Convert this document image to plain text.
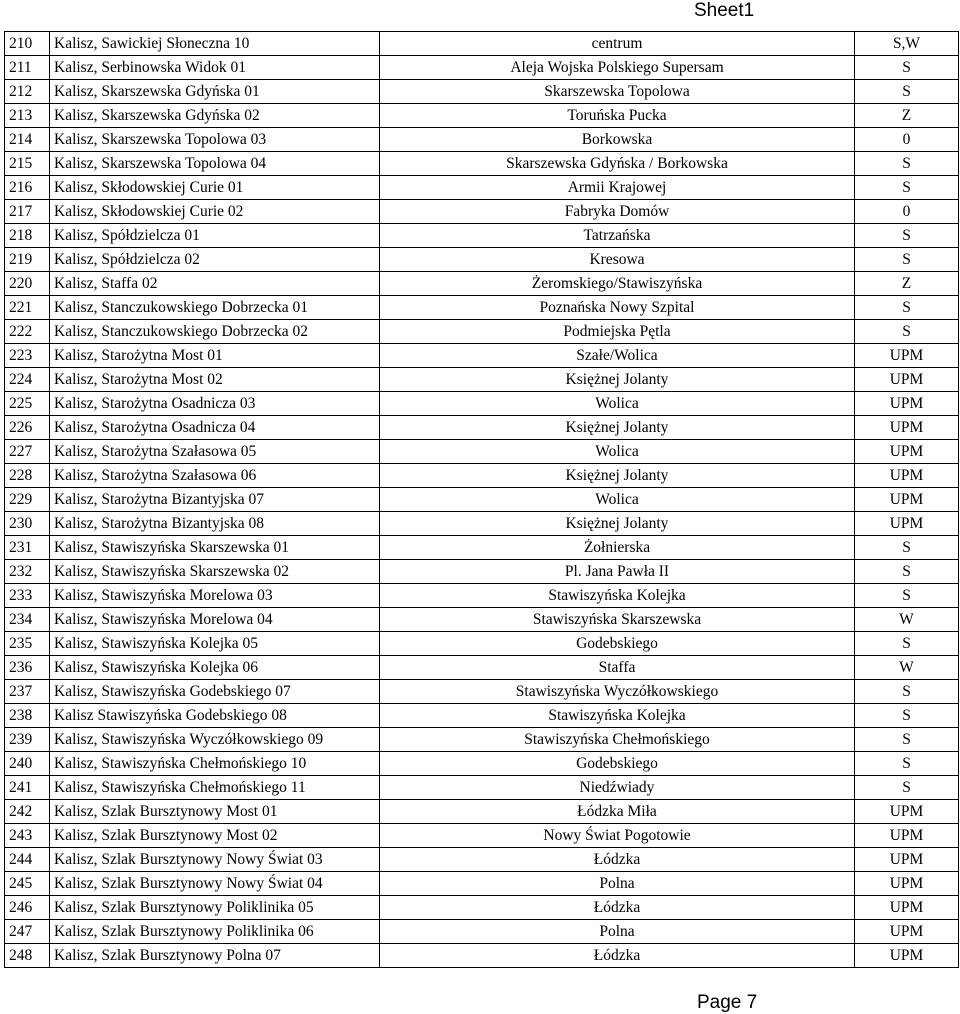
Sheet1
210	Kalisz, Sawickiej Słoneczna 10	centrum	S,W
211	Kalisz, Serbinowska Widok 01	Aleja Wojska Polskiego Supersam	S
212	Kalisz, Skarszewska Gdyńska 01	Skarszewska Topolowa	S
213	Kalisz, Skarszewska Gdyńska 02	Toruńska Pucka	Z
214	Kalisz, Skarszewska Topolowa 03	Borkowska	0
215	Kalisz, Skarszewska Topolowa 04	Skarszewska Gdyńska / Borkowska	S
216	Kalisz, Skłodowskiej Curie 01	Armii Krajowej	S
217	Kalisz, Skłodowskiej Curie 02	Fabryka Domów	0
218	Kalisz, Spółdzielcza 01	Tatrzańska	S
219	Kalisz, Spółdzielcza 02	Kresowa	S
220	Kalisz, Staffa 02	Żeromskiego/Stawiszyńska	Z
221	Kalisz, Stanczukowskiego Dobrzecka 01	Poznańska Nowy Szpital	S
222	Kalisz, Stanczukowskiego Dobrzecka 02	Podmiejska Pętla	S
223	Kalisz, Starożytna Most 01	Szałe/Wolica	UPM
224	Kalisz, Starożytna Most 02	Księżnej Jolanty	UPM
225	Kalisz, Starożytna Osadnicza 03	Wolica	UPM
226	Kalisz, Starożytna Osadnicza 04	Księżnej Jolanty	UPM
227	Kalisz, Starożytna Szałasowa 05	Wolica	UPM
228	Kalisz, Starożytna Szałasowa 06	Księżnej Jolanty	UPM
229	Kalisz, Starożytna Bizantyjska 07	Wolica	UPM
230	Kalisz, Starożytna Bizantyjska 08	Księżnej Jolanty	UPM
231	Kalisz, Stawiszyńska Skarszewska 01	Żołnierska	S
232	Kalisz, Stawiszyńska Skarszewska 02	Pl. Jana Pawła II	S
233	Kalisz, Stawiszyńska Morelowa 03	Stawiszyńska Kolejka	S
234	Kalisz, Stawiszyńska Morelowa 04	Stawiszyńska Skarszewska	W
235	Kalisz, Stawiszyńska Kolejka 05	Godebskiego	S
236	Kalisz, Stawiszyńska Kolejka 06	Staffa	W
237	Kalisz, Stawiszyńska Godebskiego 07	Stawiszyńska Wyczółkowskiego	S
238	Kalisz Stawiszyńska Godebskiego 08	Stawiszyńska Kolejka	S
239	Kalisz, Stawiszyńska Wyczółkowskiego 09	Stawiszyńska Chełmońskiego	S
240	Kalisz, Stawiszyńska Chełmońskiego 10	Godebskiego	S
241	Kalisz, Stawiszyńska Chełmońskiego 11	Niedźwiady	S
242	Kalisz, Szlak Bursztynowy Most 01	Łódzka Miła	UPM
243	Kalisz, Szlak Bursztynowy Most 02	Nowy Świat Pogotowie	UPM
244	Kalisz, Szlak Bursztynowy Nowy Świat 03	Łódzka	UPM
245	Kalisz, Szlak Bursztynowy Nowy Świat 04	Polna	UPM
246	Kalisz, Szlak Bursztynowy Poliklinika 05	Łódzka	UPM
247	Kalisz, Szlak Bursztynowy Poliklinika 06	Polna	UPM
248	Kalisz, Szlak Bursztynowy Polna 07	Łódzka	UPM
Page 7
